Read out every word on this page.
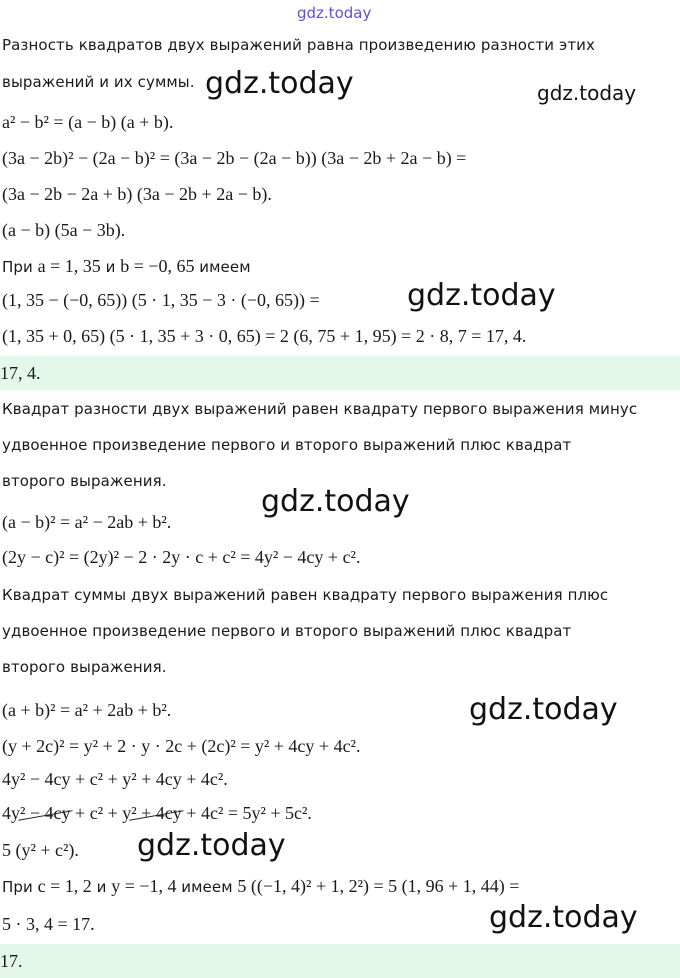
gdz.today
Разность квадратов двух выражений равна произведению разности этих
выражений и их суммы.
a² − b² = (a − b) (a + b).
(3a − 2b)² − (2a − b)² = (3a − 2b − (2a − b)) (3a − 2b + 2a − b) =
(3a − 2b − 2a + b) (3a − 2b + 2a − b).
(a − b) (5a − 3b).
При a = 1, 35 и b = −0, 65 имеем
(1, 35 − (−0, 65)) (5 · 1, 35 − 3 · (−0, 65)) =
(1, 35 + 0, 65) (5 · 1, 35 + 3 · 0, 65) = 2 (6, 75 + 1, 95) = 2 · 8, 7 = 17, 4.
17, 4.
Квадрат разности двух выражений равен квадрату первого выражения минус
удвоенное произведение первого и второго выражений плюс квадрат
второго выражения.
(a − b)² = a² − 2ab + b².
(2y − c)² = (2y)² − 2 · 2y · c + c² = 4y² − 4cy + c².
Квадрат суммы двух выражений равен квадрату первого выражения плюс
удвоенное произведение первого и второго выражений плюс квадрат
второго выражения.
(a + b)² = a² + 2ab + b².
(y + 2c)² = y² + 2 · y · 2c + (2c)² = y² + 4cy + 4c².
4y² − 4cy + c² + y² + 4cy + 4c².
4y² − 4cy + c² + y² + 4cy + 4c² = 5y² + 5c².
5 (y² + c²).
При c = 1, 2 и y = −1, 4 имеем 5 ((−1, 4)² + 1, 2²) = 5 (1, 96 + 1, 44) =
5 · 3, 4 = 17.
17.
gdz.today	gdz.today
gdz.today
gdz.today
gdz.today
gdz.today
gdz.today
